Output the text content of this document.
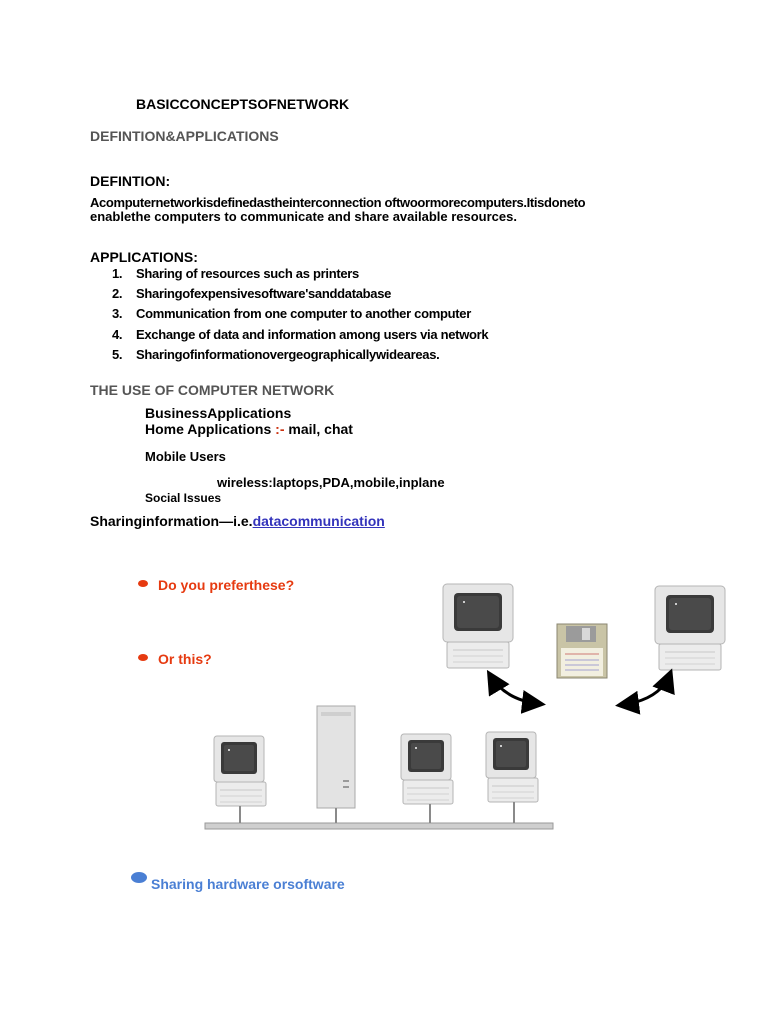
BASICCONCEPTSOFNETWORK
DEFINTION&APPLICATIONS
DEFINTION:
Acomputernetworkisdefinedastheinterconnection oftwoormorecomputers.Itisdoneto
enablethe computers to communicate and share available resources.
APPLICATIONS:
1. Sharing of resources such as printers
2. Sharingofexpensivesoftware'sanddatabase
3. Communication from one computer to another computer
4. Exchange of data and information among users via network
5. Sharingofinformationovergeographicallywideareas.
THE USE OF COMPUTER NETWORK
BusinessApplications
Home Applications :- mail, chat
Mobile Users
wireless:laptops,PDA,mobile,inplane
Social Issues
Sharinginformation—i.e.datacommunication
Do you preferthese?
Or this?
Sharing hardware orsoftware
